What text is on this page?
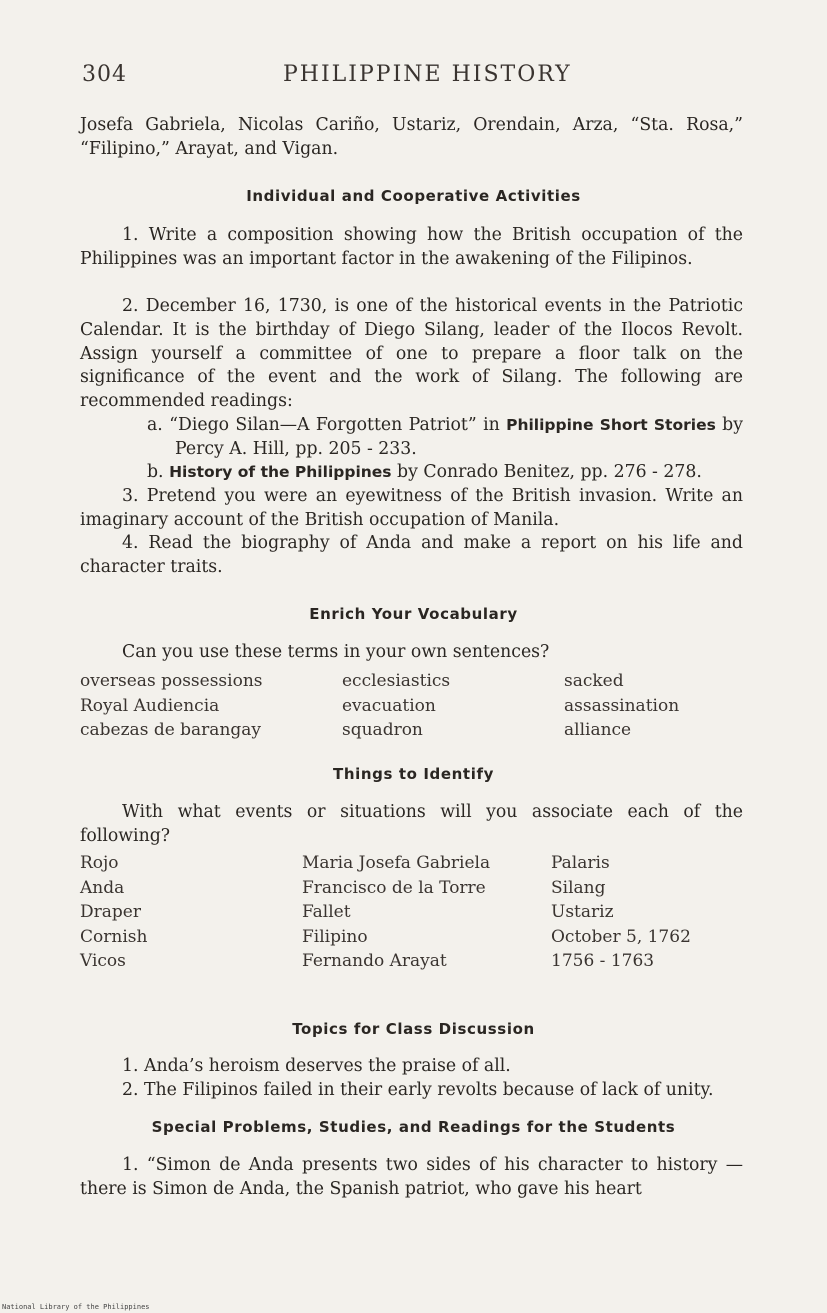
304	PHILIPPINE HISTORY

Josefa Gabriela, Nicolas Cariño, Ustariz, Orendain, Arza, “Sta. Rosa,” “Filipino,” Arayat, and Vigan.

Individual and Cooperative Activities

1. Write a composition showing how the British occupation of the Philippines was an important factor in the awakening of the Filipinos.

2. December 16, 1730, is one of the historical events in the Patriotic Calendar. It is the birthday of Diego Silang, leader of the Ilocos Revolt. Assign yourself a committee of one to prepare a floor talk on the significance of the event and the work of Silang. The following are recommended readings:

a. “Diego Silan—A Forgotten Patriot” in Philippine Short Stories by Percy A. Hill, pp. 205 - 233.

b. History of the Philippines by Conrado Benitez, pp. 276 - 278.

3. Pretend you were an eyewitness of the British invasion. Write an imaginary account of the British occupation of Manila.

4. Read the biography of Anda and make a report on his life and character traits.

Enrich Your Vocabulary

Can you use these terms in your own sentences?

overseas possessions
Royal Audiencia
cabezas de barangay
ecclesiastics
evacuation
squadron
sacked
assassination
alliance
Things to Identify

With what events or situations will you associate each of the following?

Rojo
Anda
Draper
Cornish
Vicos
Maria Josefa Gabriela
Francisco de la Torre
Fallet
Filipino
Fernando Arayat
Palaris
Silang
Ustariz
October 5, 1762
1756 - 1763
Topics for Class Discussion

1. Anda’s heroism deserves the praise of all.

2. The Filipinos failed in their early revolts because of lack of unity.

Special Problems, Studies, and Readings for the Students

1. “Simon de Anda presents two sides of his character to history —there is Simon de Anda, the Spanish patriot, who gave his heart

National Library of the Philippines
